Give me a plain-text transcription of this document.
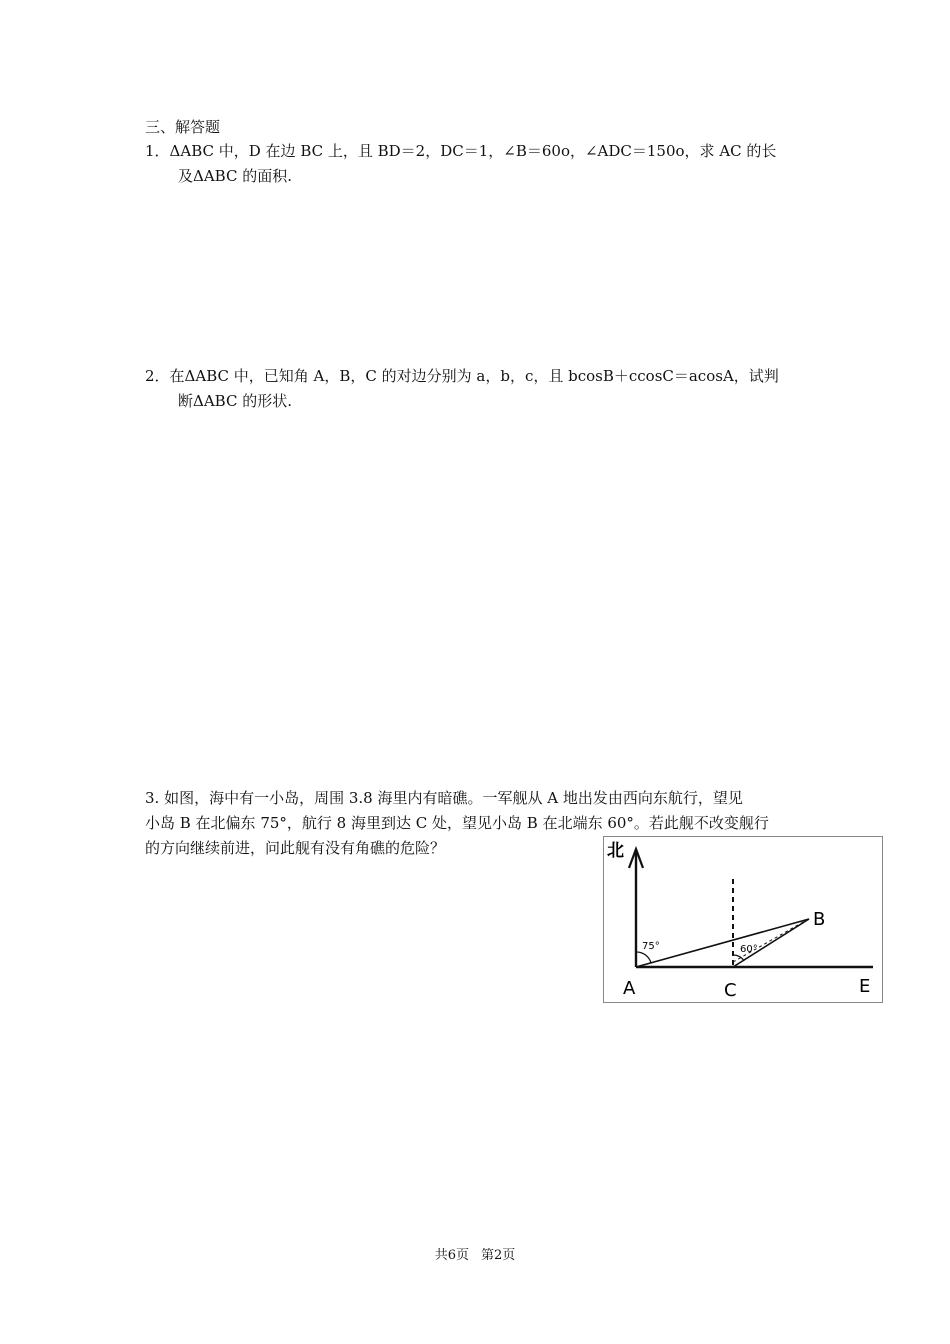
三、解答题
1．ΔABC 中，D 在边 BC 上，且 BD＝2，DC＝1，∠B＝60o，∠ADC＝150o，求 AC 的长
及ΔABC 的面积.
2．在ΔABC 中，已知角 A，B，C 的对边分别为 a，b，c，且 bcosB＋ccosC＝acosA，试判
断ΔABC 的形状.
3. 如图，海中有一小岛，周围 3.8 海里内有暗礁。一军舰从 A 地出发由西向东航行，望见
小岛 B 在北偏东 75°，航行 8 海里到达 C 处，望见小岛 B 在北端东 60°。若此舰不改变舰行
的方向继续前进，问此舰有没有角礁的危险？	北
75°	60°
A	C
B
E
共6页 第2页
